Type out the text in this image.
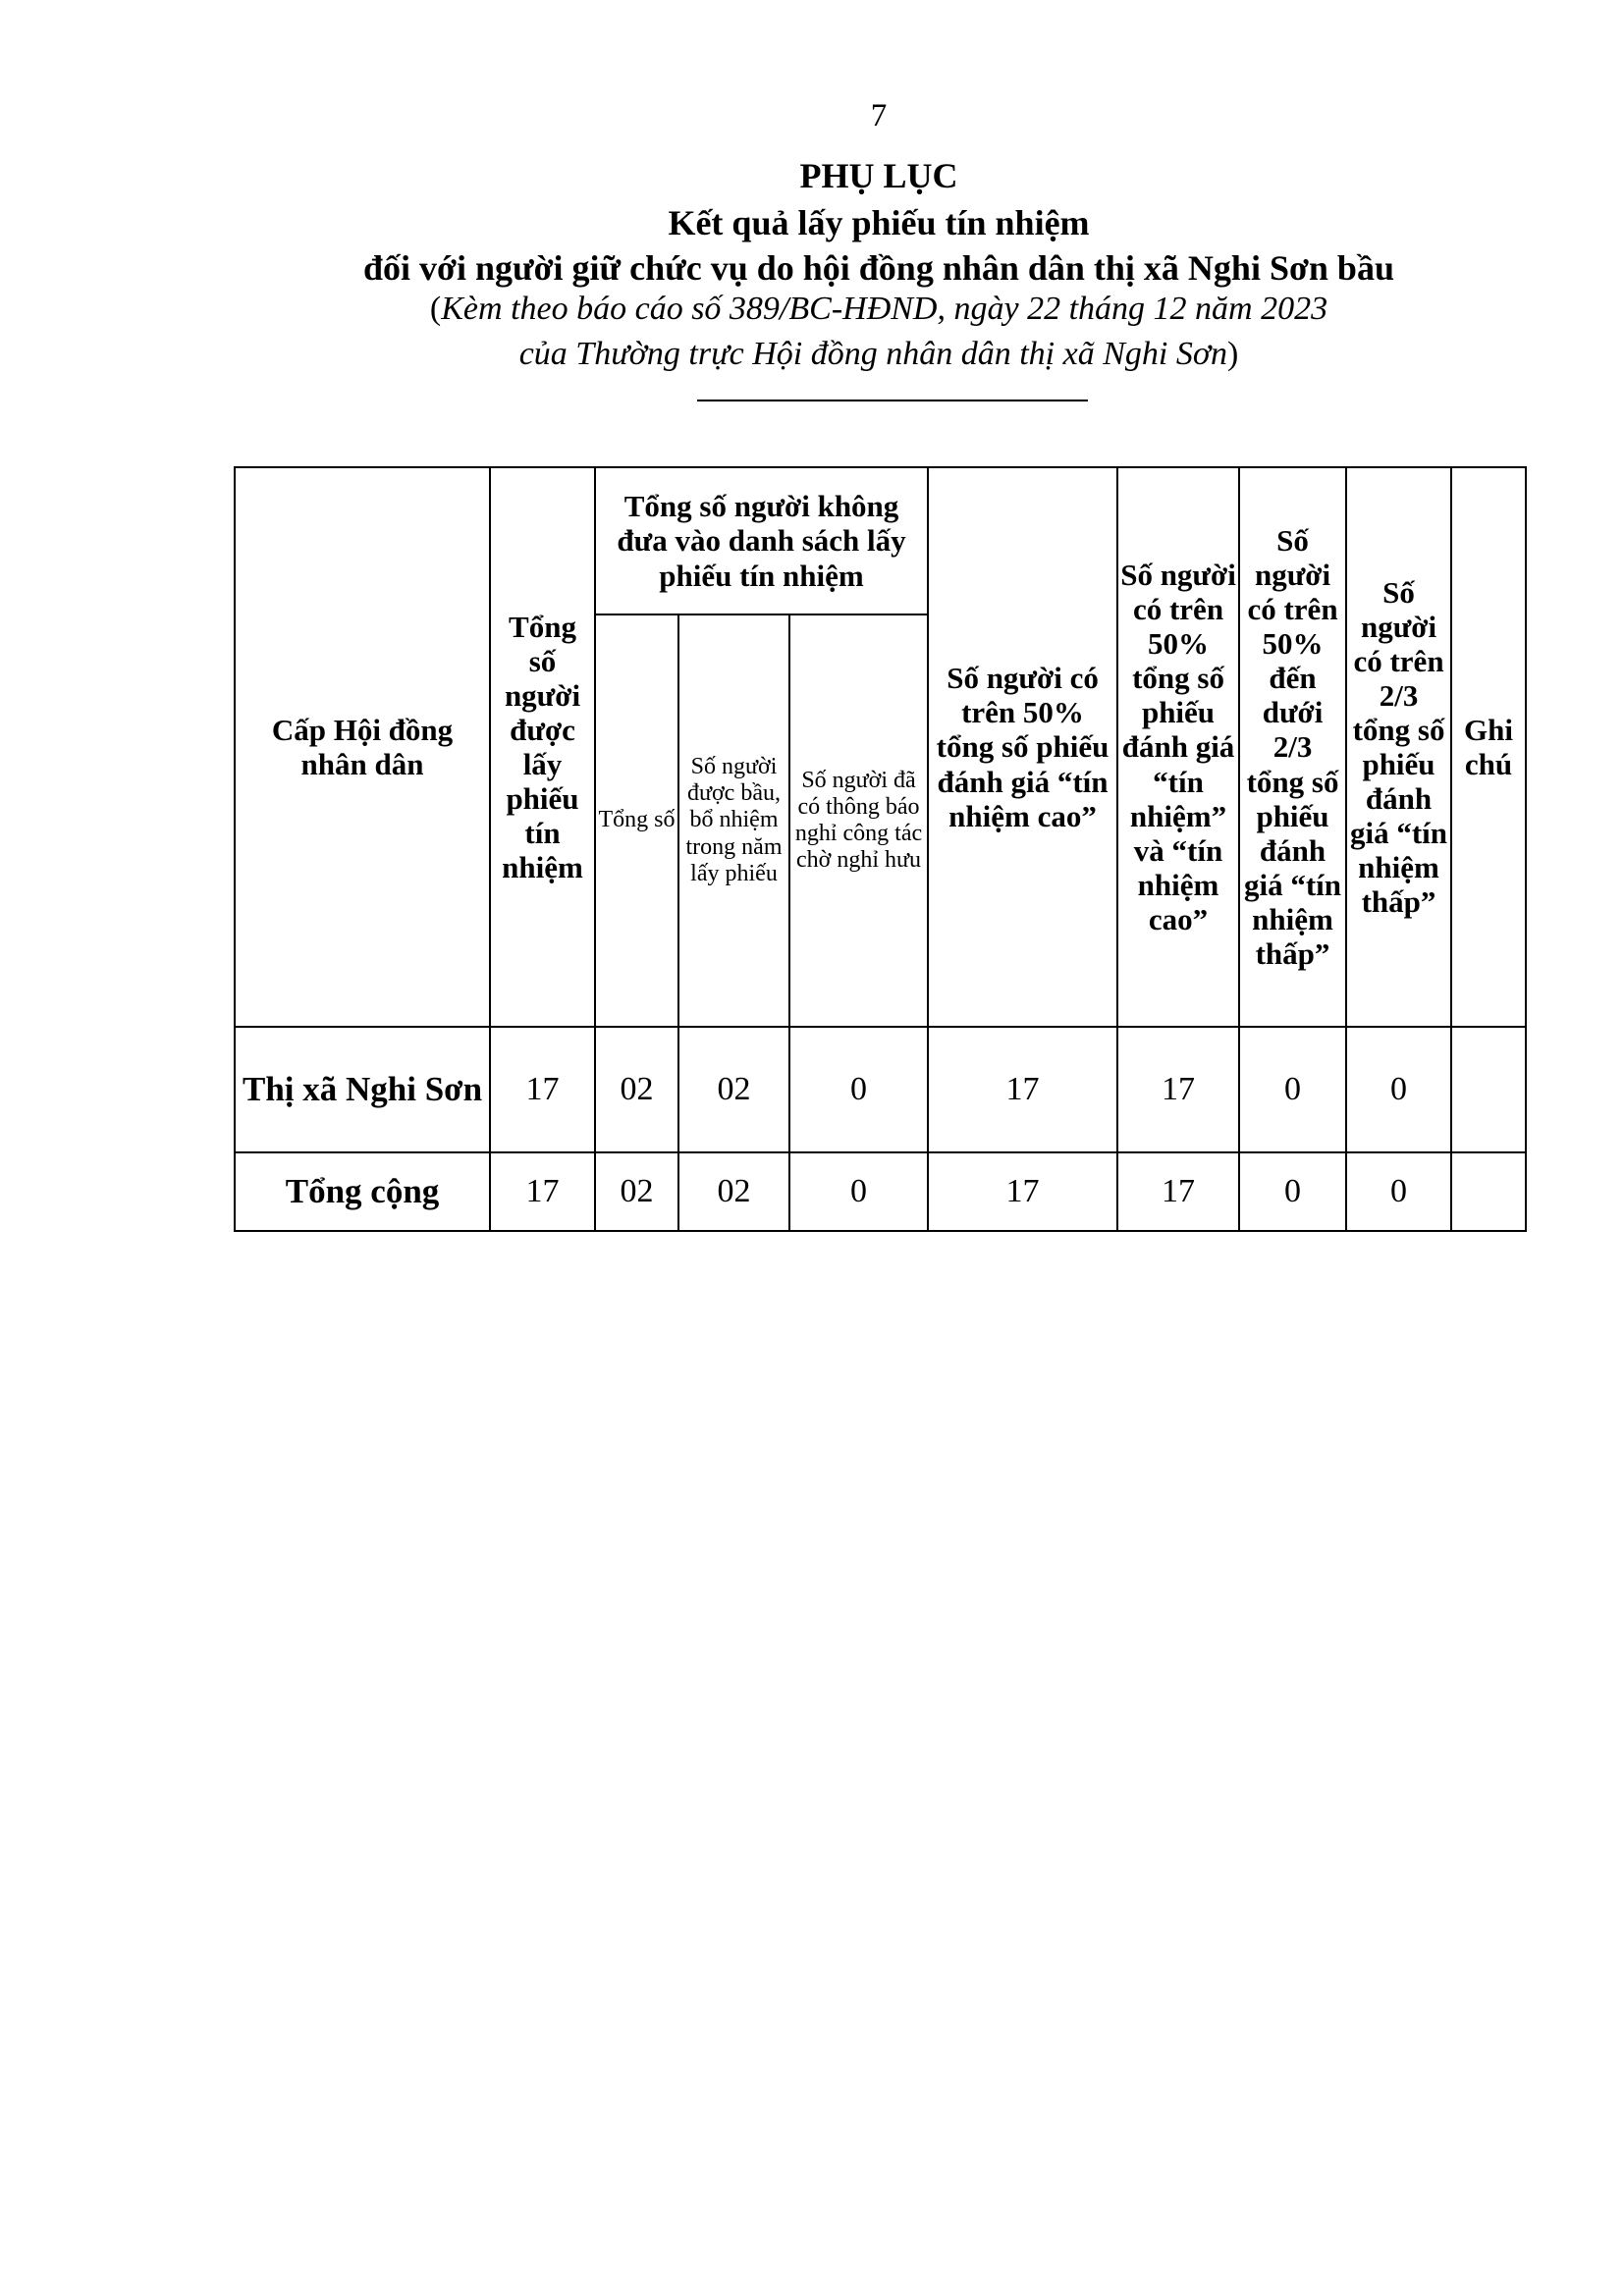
7
PHỤ LỤC
Kết quả lấy phiếu tín nhiệm
đối với người giữ chức vụ do hội đồng nhân dân thị xã Nghi Sơn bầu
(Kèm theo báo cáo số 389/BC-HĐND, ngày 22 tháng 12 năm 2023
của Thường trực Hội đồng nhân dân thị xã Nghi Sơn)
Cấp Hội đồng nhân dân	Tổng số người được lấy phiếu tín nhiệm	Tổng số người không đưa vào danh sách lấy phiếu tín nhiệm			Số người có trên 50% tổng số phiếu đánh giá “tín nhiệm cao”	Số người có trên 50% tổng số phiếu đánh giá “tín nhiệm” và “tín nhiệm cao”	Số người có trên 50% đến dưới 2/3 tổng số phiếu đánh giá “tín nhiệm thấp”	Số người có trên 2/3 tổng số phiếu đánh giá “tín nhiệm thấp”	Ghi chú
		Tổng số	Số người được bầu, bổ nhiệm trong năm lấy phiếu	Số người đã có thông báo nghỉ công tác chờ nghỉ hưu					
Thị xã Nghi Sơn	17	02	02	0	17	17	0	0	
Tổng cộng	17	02	02	0	17	17	0	0	
